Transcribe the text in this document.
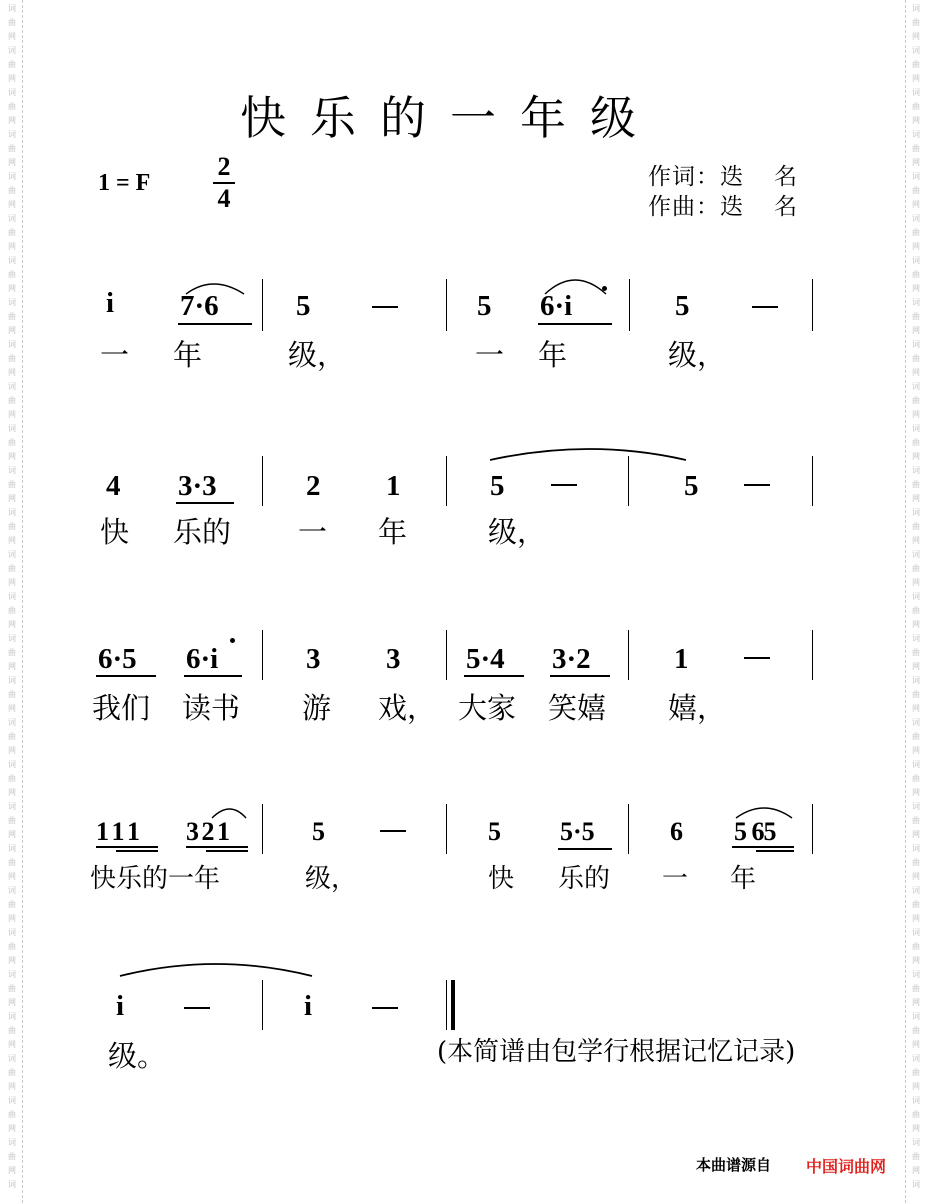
词
曲
网
词
曲
网
词
曲
网
词
曲
网
词
曲
网
词
曲
网
词
曲
网
词
曲
网
词
曲
网
词
曲
网
词
曲
网
词
曲
网
词
曲
网
词
曲
网
词
曲
网
词
曲
网
词
曲
网
词
曲
网
词
曲
网
词
曲
网
词
曲
网
词
曲
网
词
曲
网
词
曲
网
词
曲
网
词
曲
网
词
曲
网
词
曲
网
词
词
曲
网
词
曲
网
词
曲
网
词
曲
网
词
曲
网
词
曲
网
词
曲
网
词
曲
网
词
曲
网
词
曲
网
词
曲
网
词
曲
网
词
曲
网
词
曲
网
词
曲
网
词
曲
网
词
曲
网
词
曲
网
词
曲
网
词
曲
网
词
曲
网
词
曲
网
词
曲
网
词
曲
网
词
曲
网
词
曲
网
词
曲
网
词
曲
网
词
快乐的一年级
1 = F
2
4
作词：迭 名
作曲：迭 名
i 7·6	5	5 6·i	5
一 年	级，	一 年	级，
4 3·3	2 1	5	5
快 乐的 一 年	级，
6·5 6·i	3 3 5·4 3·2	1
我们 读书 游 戏， 大家 笑嬉 嬉，
1 1 1 3 2 1	5	5 5·5	6 5 65
快乐的一年	级，	快 乐的 一 年
i	i
级。	(本简谱由包学行根据记忆记录)
本曲谱源自 中国词曲网
